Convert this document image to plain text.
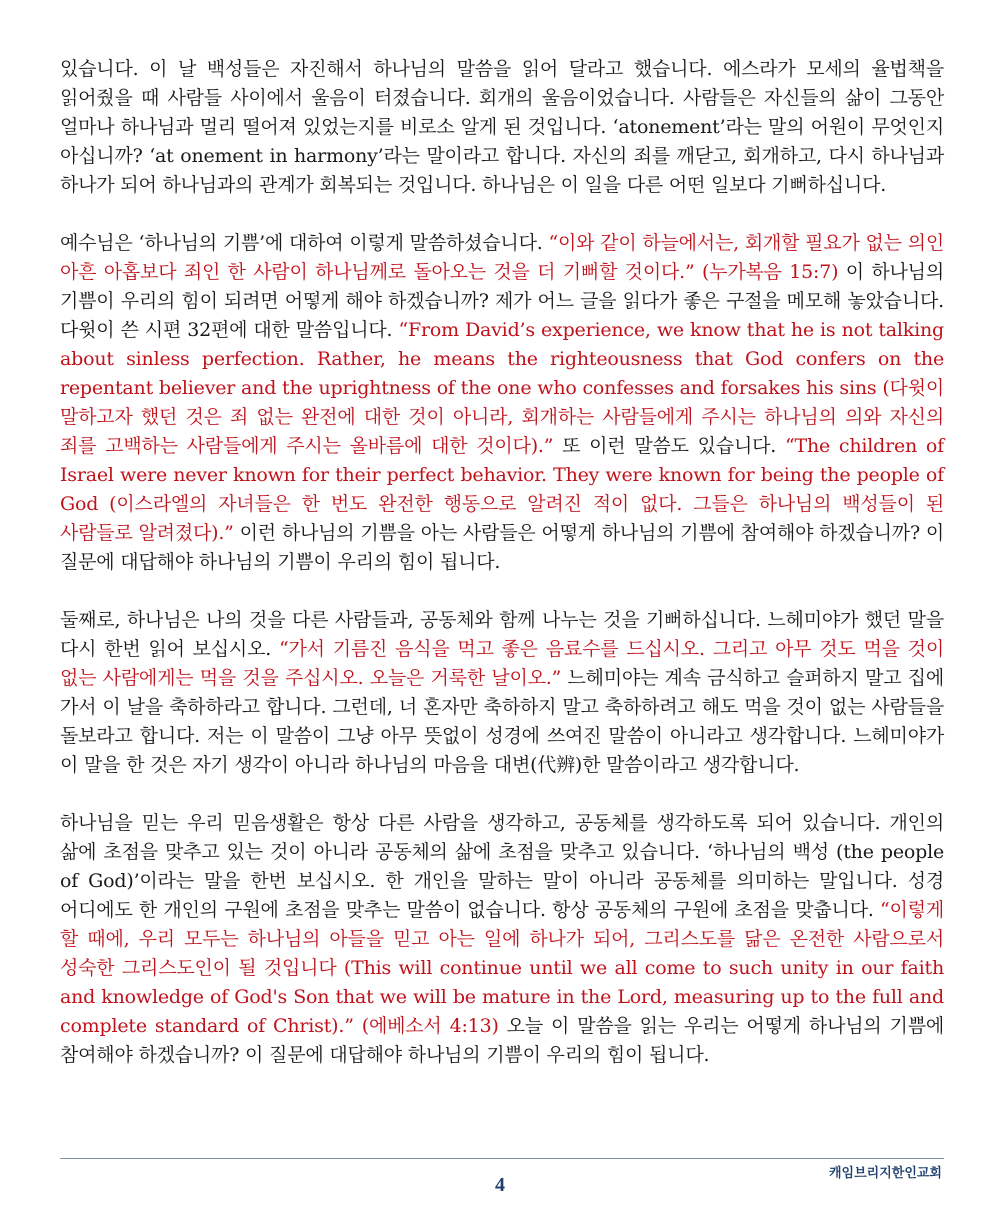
있습니다. 이 날 백성들은 자진해서 하나님의 말씀을 읽어 달라고 했습니다. 에스라가 모세의 율법책을 읽어줬을 때 사람들 사이에서 울음이 터졌습니다. 회개의 울음이었습니다. 사람들은 자신들의 삶이 그동안 얼마나 하나님과 멀리 떨어져 있었는지를 비로소 알게 된 것입니다. ‘atonement’라는 말의 어원이 무엇인지 아십니까? ‘at onement in harmony’라는 말이라고 합니다. 자신의 죄를 깨닫고, 회개하고, 다시 하나님과 하나가 되어 하나님과의 관계가 회복되는 것입니다. 하나님은 이 일을 다른 어떤 일보다 기뻐하십니다.

예수님은 ‘하나님의 기쁨’에 대하여 이렇게 말씀하셨습니다. “이와 같이 하늘에서는, 회개할 필요가 없는 의인 아흔 아홉보다 죄인 한 사람이 하나님께로 돌아오는 것을 더 기뻐할 것이다.” (누가복음 15:7) 이 하나님의 기쁨이 우리의 힘이 되려면 어떻게 해야 하겠습니까? 제가 어느 글을 읽다가 좋은 구절을 메모해 놓았습니다. 다윗이 쓴 시편 32편에 대한 말씀입니다. “From David’s experience, we know that he is not talking about sinless perfection. Rather, he means the righteousness that God confers on the repentant believer and the uprightness of the one who confesses and forsakes his sins (다윗이 말하고자 했던 것은 죄 없는 완전에 대한 것이 아니라, 회개하는 사람들에게 주시는 하나님의 의와 자신의 죄를 고백하는 사람들에게 주시는 올바름에 대한 것이다).” 또 이런 말씀도 있습니다. “The children of Israel were never known for their perfect behavior. They were known for being the people of God (이스라엘의 자녀들은 한 번도 완전한 행동으로 알려진 적이 없다. 그들은 하나님의 백성들이 된 사람들로 알려졌다).” 이런 하나님의 기쁨을 아는 사람들은 어떻게 하나님의 기쁨에 참여해야 하겠습니까? 이 질문에 대답해야 하나님의 기쁨이 우리의 힘이 됩니다.

둘째로, 하나님은 나의 것을 다른 사람들과, 공동체와 함께 나누는 것을 기뻐하십니다. 느헤미야가 했던 말을 다시 한번 읽어 보십시오. “가서 기름진 음식을 먹고 좋은 음료수를 드십시오. 그리고 아무 것도 먹을 것이 없는 사람에게는 먹을 것을 주십시오. 오늘은 거룩한 날이오.” 느헤미야는 계속 금식하고 슬퍼하지 말고 집에 가서 이 날을 축하하라고 합니다. 그런데, 너 혼자만 축하하지 말고 축하하려고 해도 먹을 것이 없는 사람들을 돌보라고 합니다. 저는 이 말씀이 그냥 아무 뜻없이 성경에 쓰여진 말씀이 아니라고 생각합니다. 느헤미야가 이 말을 한 것은 자기 생각이 아니라 하나님의 마음을 대변(代辨)한 말씀이라고 생각합니다.

하나님을 믿는 우리 믿음생활은 항상 다른 사람을 생각하고, 공동체를 생각하도록 되어 있습니다. 개인의 삶에 초점을 맞추고 있는 것이 아니라 공동체의 삶에 초점을 맞추고 있습니다. ‘하나님의 백성 (the people of God)’이라는 말을 한번 보십시오. 한 개인을 말하는 말이 아니라 공동체를 의미하는 말입니다. 성경 어디에도 한 개인의 구원에 초점을 맞추는 말씀이 없습니다. 항상 공동체의 구원에 초점을 맞춥니다. “이렇게 할 때에, 우리 모두는 하나님의 아들을 믿고 아는 일에 하나가 되어, 그리스도를 닮은 온전한 사람으로서 성숙한 그리스도인이 될 것입니다 (This will continue until we all come to such unity in our faith and knowledge of God's Son that we will be mature in the Lord, measuring up to the full and complete standard of Christ).” (에베소서 4:13) 오늘 이 말씀을 읽는 우리는 어떻게 하나님의 기쁨에 참여해야 하겠습니까? 이 질문에 대답해야 하나님의 기쁨이 우리의 힘이 됩니다.

캐임브리지한인교회
4
